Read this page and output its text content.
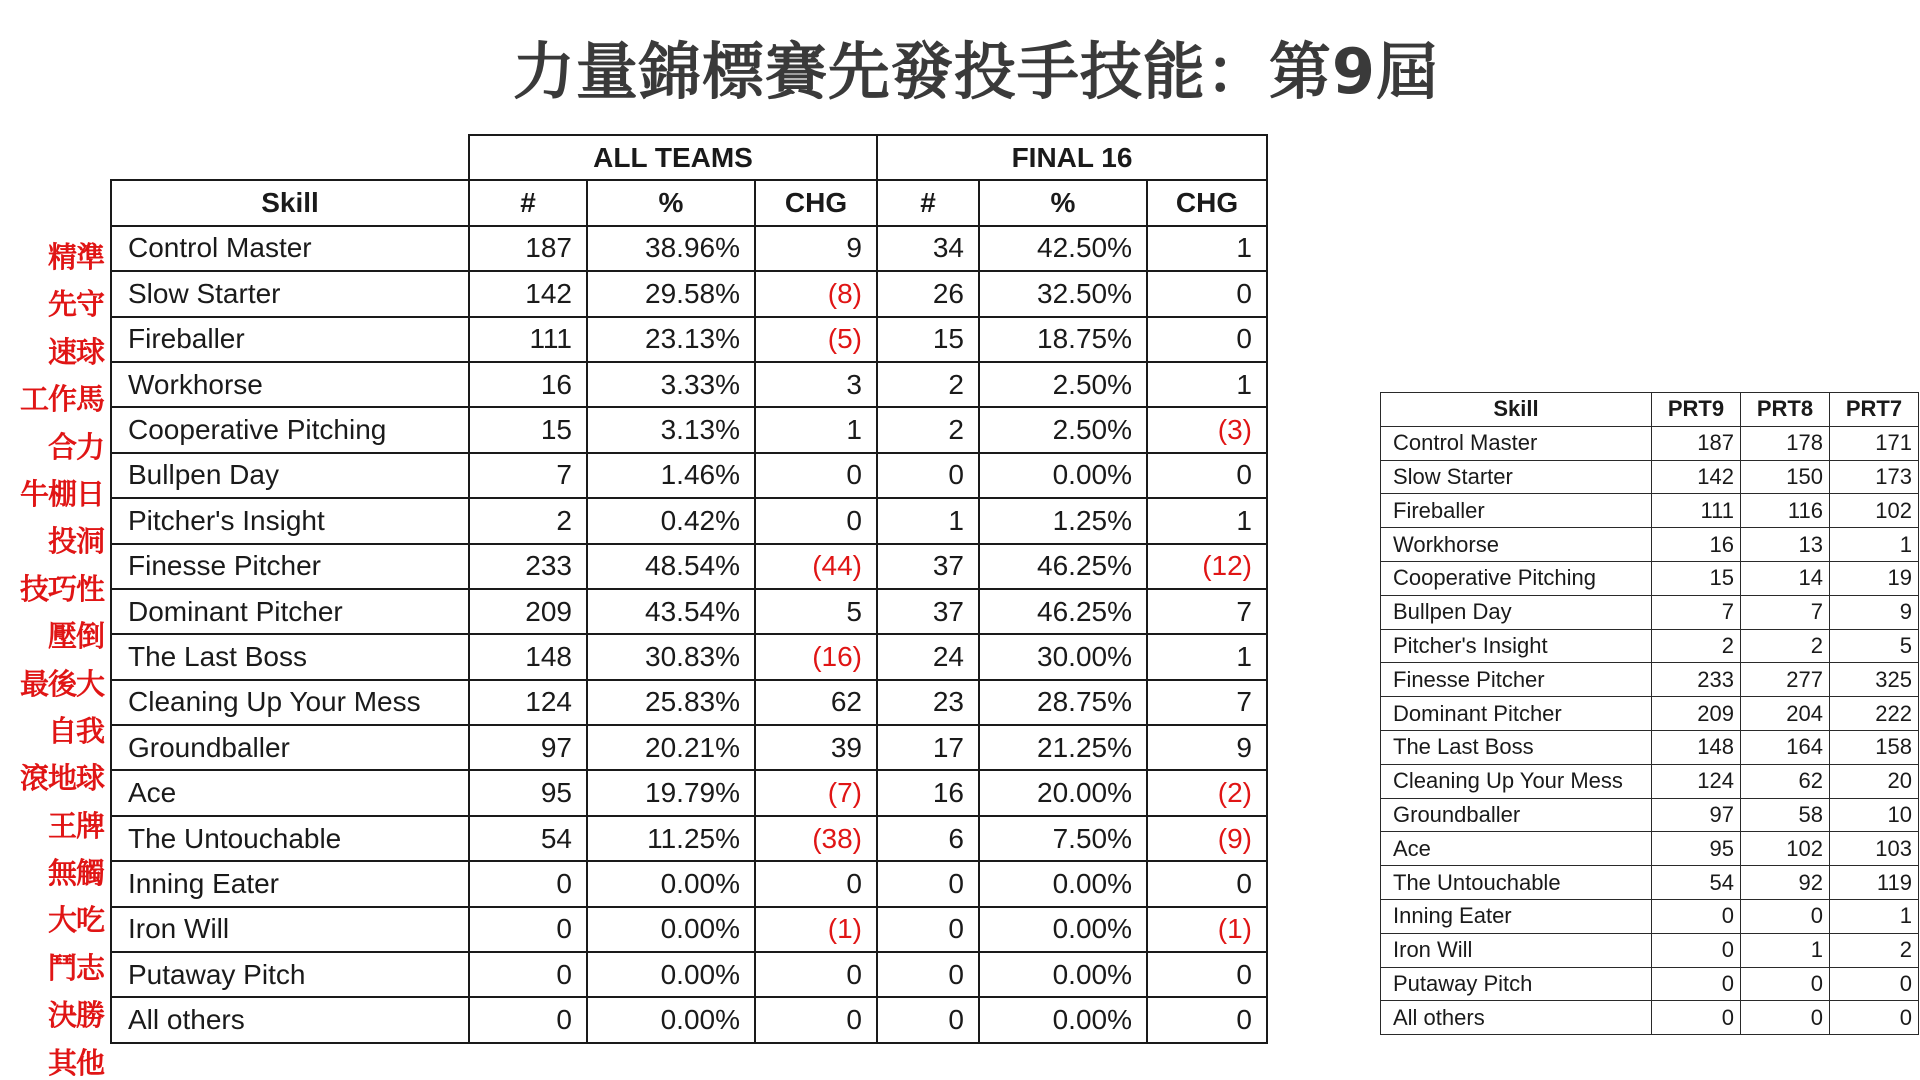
力量錦標賽先發投手技能：第9屆
精準
先守
速球
工作馬
合力
牛棚日
投洞
技巧性
壓倒
最後大
自我
滾地球
王牌
無觸
大吃
鬥志
決勝
其他
	ALL TEAMS			FINAL 16		
Skill	#	%	CHG	#	%	CHG
Control Master	187	38.96%	9	34	42.50%	1
Slow Starter	142	29.58%	(8)	26	32.50%	0
Fireballer	111	23.13%	(5)	15	18.75%	0
Workhorse	16	3.33%	3	2	2.50%	1
Cooperative Pitching	15	3.13%	1	2	2.50%	(3)
Bullpen Day	7	1.46%	0	0	0.00%	0
Pitcher's Insight	2	0.42%	0	1	1.25%	1
Finesse Pitcher	233	48.54%	(44)	37	46.25%	(12)
Dominant Pitcher	209	43.54%	5	37	46.25%	7
The Last Boss	148	30.83%	(16)	24	30.00%	1
Cleaning Up Your Mess	124	25.83%	62	23	28.75%	7
Groundballer	97	20.21%	39	17	21.25%	9
Ace	95	19.79%	(7)	16	20.00%	(2)
The Untouchable	54	11.25%	(38)	6	7.50%	(9)
Inning Eater	0	0.00%	0	0	0.00%	0
Iron Will	0	0.00%	(1)	0	0.00%	(1)
Putaway Pitch	0	0.00%	0	0	0.00%	0
All others	0	0.00%	0	0	0.00%	0
Skill	PRT9	PRT8	PRT7
Control Master	187	178	171
Slow Starter	142	150	173
Fireballer	111	116	102
Workhorse	16	13	1
Cooperative Pitching	15	14	19
Bullpen Day	7	7	9
Pitcher's Insight	2	2	5
Finesse Pitcher	233	277	325
Dominant Pitcher	209	204	222
The Last Boss	148	164	158
Cleaning Up Your Mess	124	62	20
Groundballer	97	58	10
Ace	95	102	103
The Untouchable	54	92	119
Inning Eater	0	0	1
Iron Will	0	1	2
Putaway Pitch	0	0	0
All others	0	0	0
